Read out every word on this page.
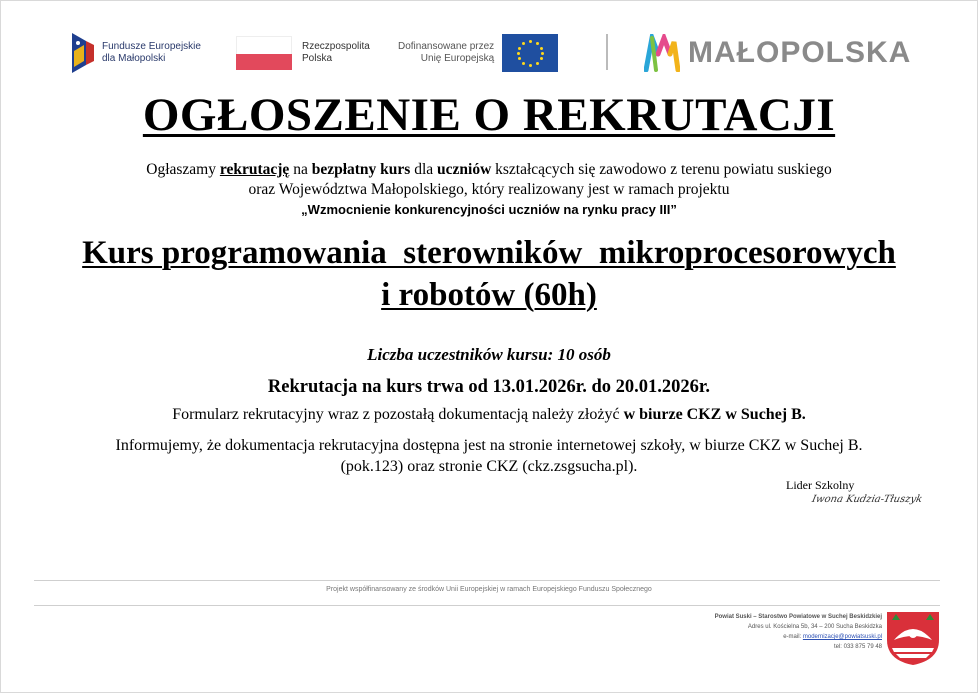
Fundusze Europejskie
dla Małopolski
Rzeczpospolita
Polska
Dofinansowane przez
Unię Europejską	MAŁOPOLSKA
OGŁOSZENIE O REKRUTACJI
Ogłaszamy rekrutację na bezpłatny kurs dla uczniów kształcących się zawodowo z terenu powiatu suskiego
oraz Województwa Małopolskiego, który realizowany jest w ramach projektu
„Wzmocnienie konkurencyjności uczniów na rynku pracy III”
Kurs programowania  sterowników  mikroprocesorowych
i robotów (60h)
Liczba uczestników kursu: 10 osób
Rekrutacja na kurs trwa od 13.01.2026r. do 20.01.2026r.
Formularz rekrutacyjny wraz z pozostałą dokumentacją należy złożyć w biurze CKZ w Suchej B.
Informujemy, że dokumentacja rekrutacyjna dostępna jest na stronie internetowej szkoły, w biurze CKZ w Suchej B.
(pok.123) oraz stronie CKZ (ckz.zsgsucha.pl).
Lider Szkolny
Iwona Kudzia-Tłuszyk
Projekt współfinansowany ze środków Unii Europejskiej w ramach Europejskiego Funduszu Społecznego
Powiat Suski – Starostwo Powiatowe w Suchej Beskidzkiej
Adres ul. Kościelna 5b, 34 – 200 Sucha Beskidzka
e-mail: modernizacje@powiatsuski.pl
tel: 033 875 79 48
